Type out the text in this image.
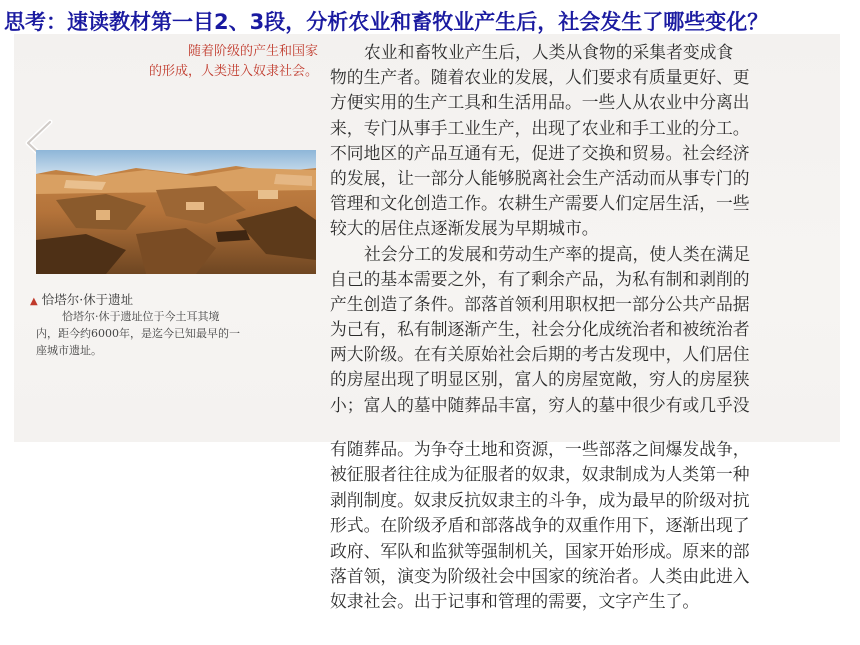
思考：速读教材第一目2、3段，分析农业和畜牧业产生后，社会发生了哪些变化？
随着阶级的产生和国家
的形成，人类进入奴隶社会。
▲ 恰塔尔·休于遗址
恰塔尔·休于遗址位于今土耳其境
内，距今约6000年，是迄今已知最早的一
座城市遗址。
农业和畜牧业产生后，人类从食物的采集者变成食
物的生产者。随着农业的发展，人们要求有质量更好、更
方便实用的生产工具和生活用品。一些人从农业中分离出
来，专门从事手工业生产，出现了农业和手工业的分工。
不同地区的产品互通有无，促进了交换和贸易。社会经济
的发展，让一部分人能够脱离社会生产活动而从事专门的
管理和文化创造工作。农耕生产需要人们定居生活，一些
较大的居住点逐渐发展为早期城市。
社会分工的发展和劳动生产率的提高，使人类在满足
自己的基本需要之外，有了剩余产品，为私有制和剥削的
产生创造了条件。部落首领利用职权把一部分公共产品据
为己有，私有制逐渐产生，社会分化成统治者和被统治者
两大阶级。在有关原始社会后期的考古发现中，人们居住
的房屋出现了明显区别，富人的房屋宽敞，穷人的房屋狭
小；富人的墓中随葬品丰富，穷人的墓中很少有或几乎没
有随葬品。为争夺土地和资源，一些部落之间爆发战争，
被征服者往往成为征服者的奴隶，奴隶制成为人类第一种
剥削制度。奴隶反抗奴隶主的斗争，成为最早的阶级对抗
形式。在阶级矛盾和部落战争的双重作用下，逐渐出现了
政府、军队和监狱等强制机关，国家开始形成。原来的部
落首领，演变为阶级社会中国家的统治者。人类由此进入
奴隶社会。出于记事和管理的需要，文字产生了。
